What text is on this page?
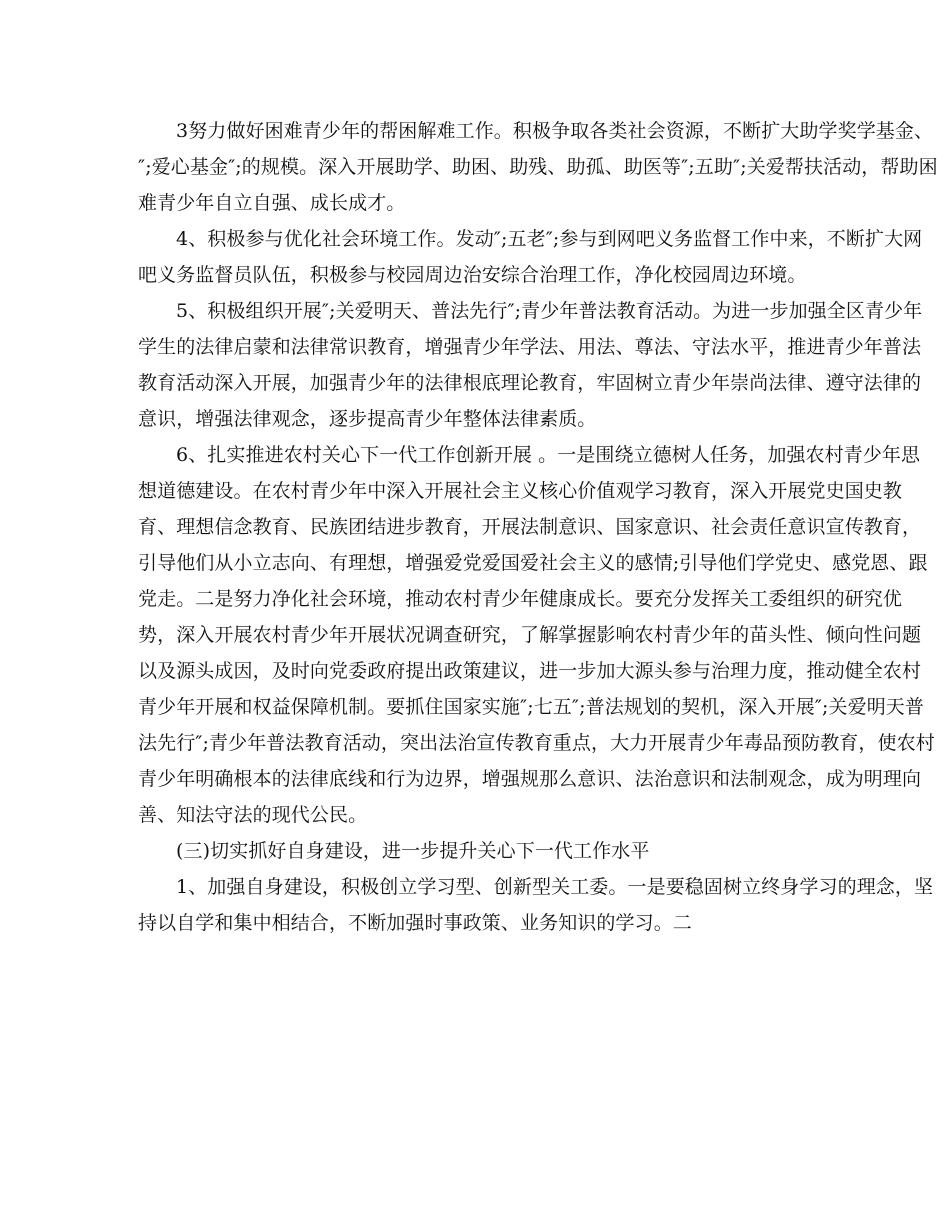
3努力做好困难青少年的帮困解难工作。积极争取各类社会资源，不断扩大助学奖学基金、″;爱心基金″;的规模。深入开展助学、助困、助残、助孤、助医等″;五助″;关爱帮扶活动，帮助困难青少年自立自强、成长成才。

4、积极参与优化社会环境工作。发动″;五老″;参与到网吧义务监督工作中来，不断扩大网吧义务监督员队伍，积极参与校园周边治安综合治理工作，净化校园周边环境。

5、积极组织开展″;关爱明天、普法先行″;青少年普法教育活动。为进一步加强全区青少年学生的法律启蒙和法律常识教育，增强青少年学法、用法、尊法、守法水平，推进青少年普法教育活动深入开展，加强青少年的法律根底理论教育，牢固树立青少年崇尚法律、遵守法律的意识，增强法律观念，逐步提高青少年整体法律素质。

6、扎实推进农村关心下一代工作创新开展 。一是围绕立德树人任务，加强农村青少年思想道德建设。在农村青少年中深入开展社会主义核心价值观学习教育，深入开展党史国史教育、理想信念教育、民族团结进步教育，开展法制意识、国家意识、社会责任意识宣传教育，引导他们从小立志向、有理想，增强爱党爱国爱社会主义的感情;引导他们学党史、感党恩、跟党走。二是努力净化社会环境，推动农村青少年健康成长。要充分发挥关工委组织的研究优势，深入开展农村青少年开展状况调查研究，了解掌握影响农村青少年的苗头性、倾向性问题以及源头成因，及时向党委政府提出政策建议，进一步加大源头参与治理力度，推动健全农村青少年开展和权益保障机制。要抓住国家实施″;七五″;普法规划的契机，深入开展″;关爱明天普法先行″;青少年普法教育活动，突出法治宣传教育重点，大力开展青少年毒品预防教育，使农村青少年明确根本的法律底线和行为边界，增强规那么意识、法治意识和法制观念，成为明理向善、知法守法的现代公民。

(三)切实抓好自身建设，进一步提升关心下一代工作水平

1、加强自身建设，积极创立学习型、创新型关工委。一是要稳固树立终身学习的理念，坚持以自学和集中相结合，不断加强时事政策、业务知识的学习。二
